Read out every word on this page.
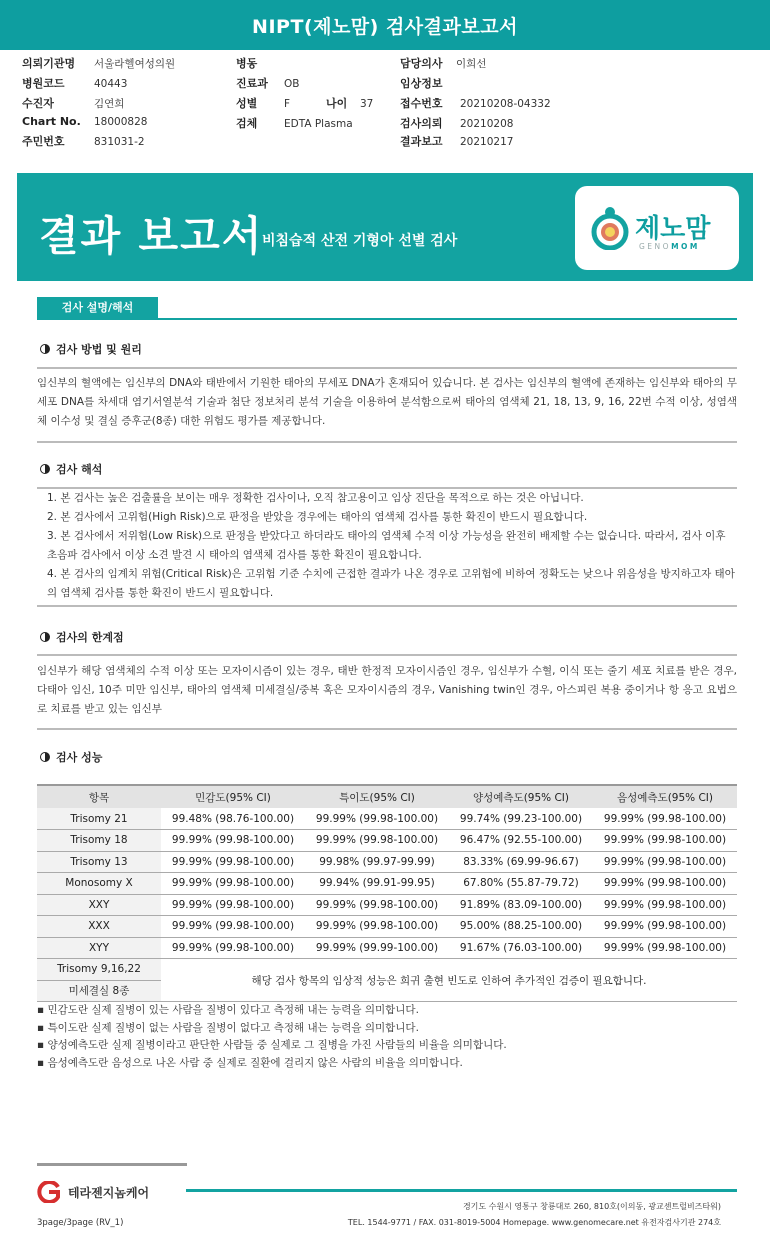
NIPT(제노맘) 검사결과보고서
의뢰기관명 서울라헬여성의원	병동	담당의사 이희선
병원코드	40443	진료과 OB	임상정보
수진자	김연희	성별	F	나이 37 접수번호 20210208-04332
Chart No. 18000828	검체	EDTA Plasma	검사의뢰 20210208
주민번호	831031-2	결과보고 20210217
결과 보고서
비침습적 산전 기형아 선별 검사	제노맘
GENOMOM
검사 설명/해석
검사 방법 및 원리
임신부의 혈액에는 임신부의 DNA와 태반에서 기원한 태아의 무세포 DNA가 혼재되어 있습니다. 본 검사는 임신부의 혈액에 존재하는 임신부와 태아의 무세포 DNA를 차세대 염기서열분석 기술과 첨단 정보처리 분석 기술을 이용하여 분석함으로써 태아의 염색체 21, 18, 13, 9, 16, 22번 수적 이상, 성염색체 이수성 및 결실 증후군(8종) 대한 위험도 평가를 제공합니다.
검사 해석
1. 본 검사는 높은 검출률을 보이는 매우 정확한 검사이나, 오직 참고용이고 임상 진단을 목적으로 하는 것은 아닙니다.
2. 본 검사에서 고위험(High Risk)으로 판정을 받았을 경우에는 태아의 염색체 검사를 통한 확진이 반드시 필요합니다.
3. 본 검사에서 저위험(Low Risk)으로 판정을 받았다고 하더라도 태아의 염색체 수적 이상 가능성을 완전히 배제할 수는 없습니다. 따라서, 검사 이후 초음파 검사에서 이상 소견 발견 시 태아의 염색체 검사를 통한 확진이 필요합니다.
4. 본 검사의 임계치 위험(Critical Risk)은 고위험 기준 수치에 근접한 결과가 나온 경우로 고위험에 비하여 정확도는 낮으나 위음성을 방지하고자 태아의 염색체 검사를 통한 확진이 반드시 필요합니다.
검사의 한계점
임신부가 해당 염색체의 수적 이상 또는 모자이시즘이 있는 경우, 태반 한정적 모자이시즘인 경우, 임신부가 수혈, 이식 또는 줄기 세포 치료를 받은 경우, 다태아 임신, 10주 미만 임신부, 태아의 염색체 미세결실/중복 혹은 모자이시즘의 경우, Vanishing twin인 경우, 아스피린 복용 중이거나 항 응고 요법으로 치료를 받고 있는 임신부
검사 성능
항목	민감도(95% CI)	특이도(95% CI)	양성예측도(95% CI)	음성예측도(95% CI)
Trisomy 21	99.48% (98.76-100.00)	99.99% (99.98-100.00)	99.74% (99.23-100.00)	99.99% (99.98-100.00)
Trisomy 18	99.99% (99.98-100.00)	99.99% (99.98-100.00)	96.47% (92.55-100.00)	99.99% (99.98-100.00)
Trisomy 13	99.99% (99.98-100.00)	99.98% (99.97-99.99)	83.33% (69.99-96.67)	99.99% (99.98-100.00)
Monosomy X	99.99% (99.98-100.00)	99.94% (99.91-99.95)	67.80% (55.87-79.72)	99.99% (99.98-100.00)
XXY	99.99% (99.98-100.00)	99.99% (99.98-100.00)	91.89% (83.09-100.00)	99.99% (99.98-100.00)
XXX	99.99% (99.98-100.00)	99.99% (99.98-100.00)	95.00% (88.25-100.00)	99.99% (99.98-100.00)
XYY	99.99% (99.98-100.00)	99.99% (99.99-100.00)	91.67% (76.03-100.00)	99.99% (99.98-100.00)
Trisomy 9,16,22	해당 검사 항목의 임상적 성능은 희귀 출현 빈도로 인하여 추가적인 검증이 필요합니다.			
미세결실 8종				
▪ 민감도란 실제 질병이 있는 사람을 질병이 있다고 측정해 내는 능력을 의미합니다.
▪ 특이도란 실제 질병이 없는 사람을 질병이 없다고 측정해 내는 능력을 의미합니다.
▪ 양성예측도란 실제 질병이라고 판단한 사람들 중 실제로 그 질병을 가진 사람들의 비율을 의미합니다.
▪ 음성예측도란 음성으로 나온 사람 중 실제로 질환에 걸리지 않은 사람의 비율을 의미합니다.
테라젠지놈케어
경기도 수원시 영통구 창룡대로 260, 810호(이의동, 광교센트럴비즈타워)
TEL. 1544-9771 / FAX. 031-8019-5004 Homepage. www.genomecare.net 유전자검사기관 274호
3page/3page (RV_1)
